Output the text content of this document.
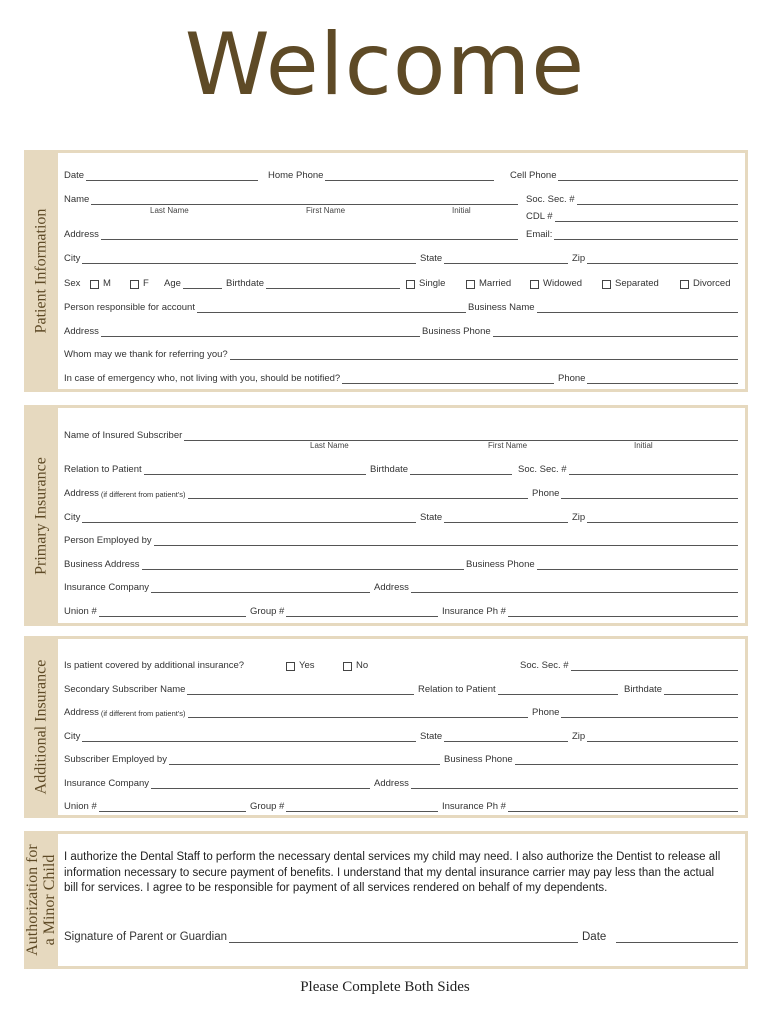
Welcome
Patient Information
Date	Home Phone	Cell Phone
Name	Soc. Sec. #
Last Name	First Name	Initial
CDL #
Address	Email:
City	State	Zip
Sex M	F Age	Birthdate	Single	Married	Widowed	Separated	Divorced
Person responsible for account	Business Name
Address	Business Phone
Whom may we thank for referring you?
In case of emergency who, not living with you, should be notified?	Phone
Primary Insurance
Name of Insured Subscriber
Last Name	First Name	Initial
Relation to Patient	Birthdate	Soc. Sec. #
Address (if different from patient's)	Phone
City	State	Zip
Person Employed by
Business Address	Business Phone
Insurance Company	Address
Union #	Group #	Insurance Ph #
Additional Insurance Is patient covered by additional insurance?	Yes	No	Soc. Sec. #
Secondary Subscriber Name	Relation to Patient	Birthdate
Address (if different from patient's)	Phone
City	State	Zip
Subscriber Employed by	Business Phone
Insurance Company	Address
Union #	Group #	Insurance Ph #
Authorization for
a Minor Child I authorize the Dental Staff to perform the necessary dental services my child may need. I also authorize the Dentist to release all information necessary to secure payment of benefits. I understand that my dental insurance carrier may pay less than the actual bill for services. I agree to be responsible for payment of all services rendered on behalf of my dependents.
Signature of Parent or Guardian	Date
Please Complete Both Sides
